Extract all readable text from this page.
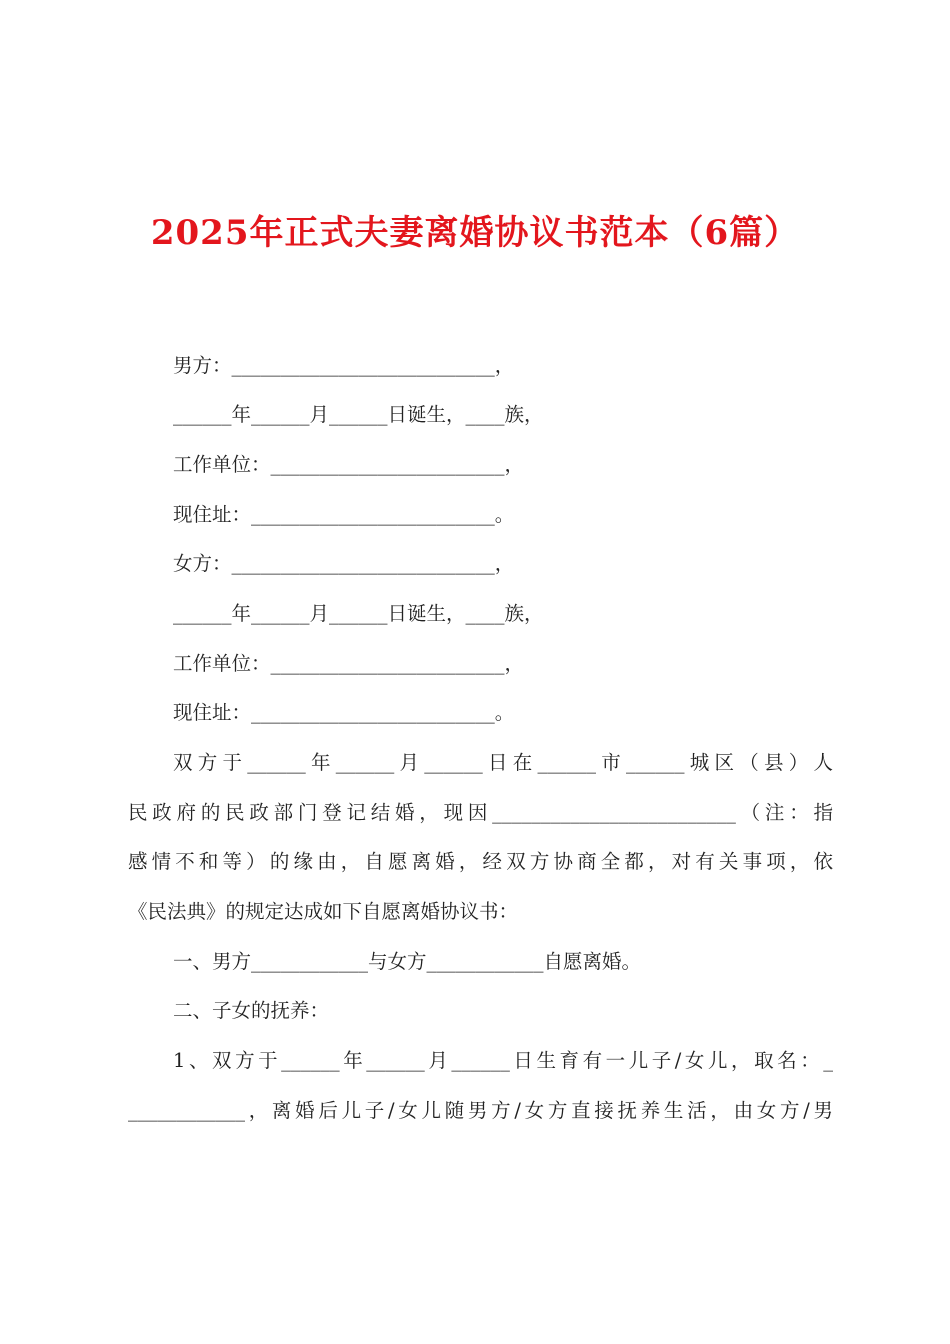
2025年正式夫妻离婚协议书范本（6篇）

男方：___________________________，

______年______月______日诞生，____族，

工作单位：________________________，

现住址：_________________________。

女方：___________________________，

______年______月______日诞生，____族，

工作单位：________________________，

现住址：_________________________。

双方于______年______月______日在______市______城区（县）人

民政府的民政部门登记结婚，现因_________________________（注：指

感情不和等）的缘由，自愿离婚，经双方协商全都，对有关事项，依

《民法典》的规定达成如下自愿离婚协议书：

一、男方____________与女方____________自愿离婚。

二、子女的抚养：

1、双方于______年______月______日生育有一儿子/女儿，取名：_

____________，离婚后儿子/女儿随男方/女方直接抚养生活，由女方/男
